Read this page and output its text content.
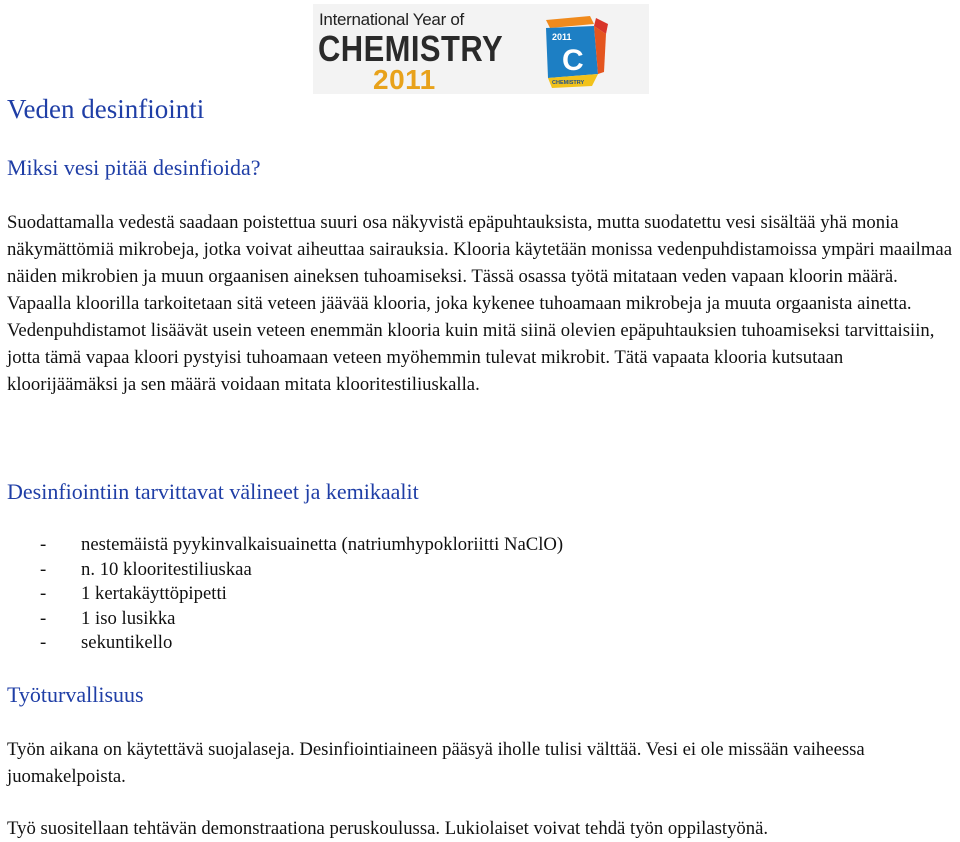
International Year of
CHEMISTRY
2011
2011
C
CHEMISTRY
Veden desinfiointi
Miksi vesi pitää desinfioida?

Suodattamalla vedestä saadaan poistettua suuri osa näkyvistä epäpuhtauksista, mutta suodatettu vesi sisältää yhä monia näkymättömiä mikrobeja, jotka voivat aiheuttaa sairauksia. Klooria käytetään monissa vedenpuhdistamoissa ympäri maailmaa näiden mikrobien ja muun orgaanisen aineksen tuhoamiseksi. Tässä osassa työtä mitataan veden vapaan kloorin määrä. Vapaalla kloorilla tarkoitetaan sitä veteen jäävää klooria, joka kykenee tuhoamaan mikrobeja ja muuta orgaanista ainetta. Vedenpuhdistamot lisäävät usein veteen enemmän klooria kuin mitä siinä olevien epäpuhtauksien tuhoamiseksi tarvittaisiin, jotta tämä vapaa kloori pystyisi tuhoamaan veteen myöhemmin tulevat mikrobit. Tätä vapaata klooria kutsutaan kloorijäämäksi ja sen määrä voidaan mitata klooritestiliuskalla.

Desinfiointiin tarvittavat välineet ja kemikaalit
- nestemäistä pyykinvalkaisuainetta (natriumhypokloriitti NaClO)
- n. 10 klooritestiliuskaa
- 1 kertakäyttöpipetti
- 1 iso lusikka
- sekuntikello
Työturvallisuus

Työn aikana on käytettävä suojalaseja. Desinfiointiaineen pääsyä iholle tulisi välttää. Vesi ei ole missään vaiheessa juomakelpoista.

Työ suositellaan tehtävän demonstraationa peruskoulussa. Lukiolaiset voivat tehdä työn oppilastyönä.
